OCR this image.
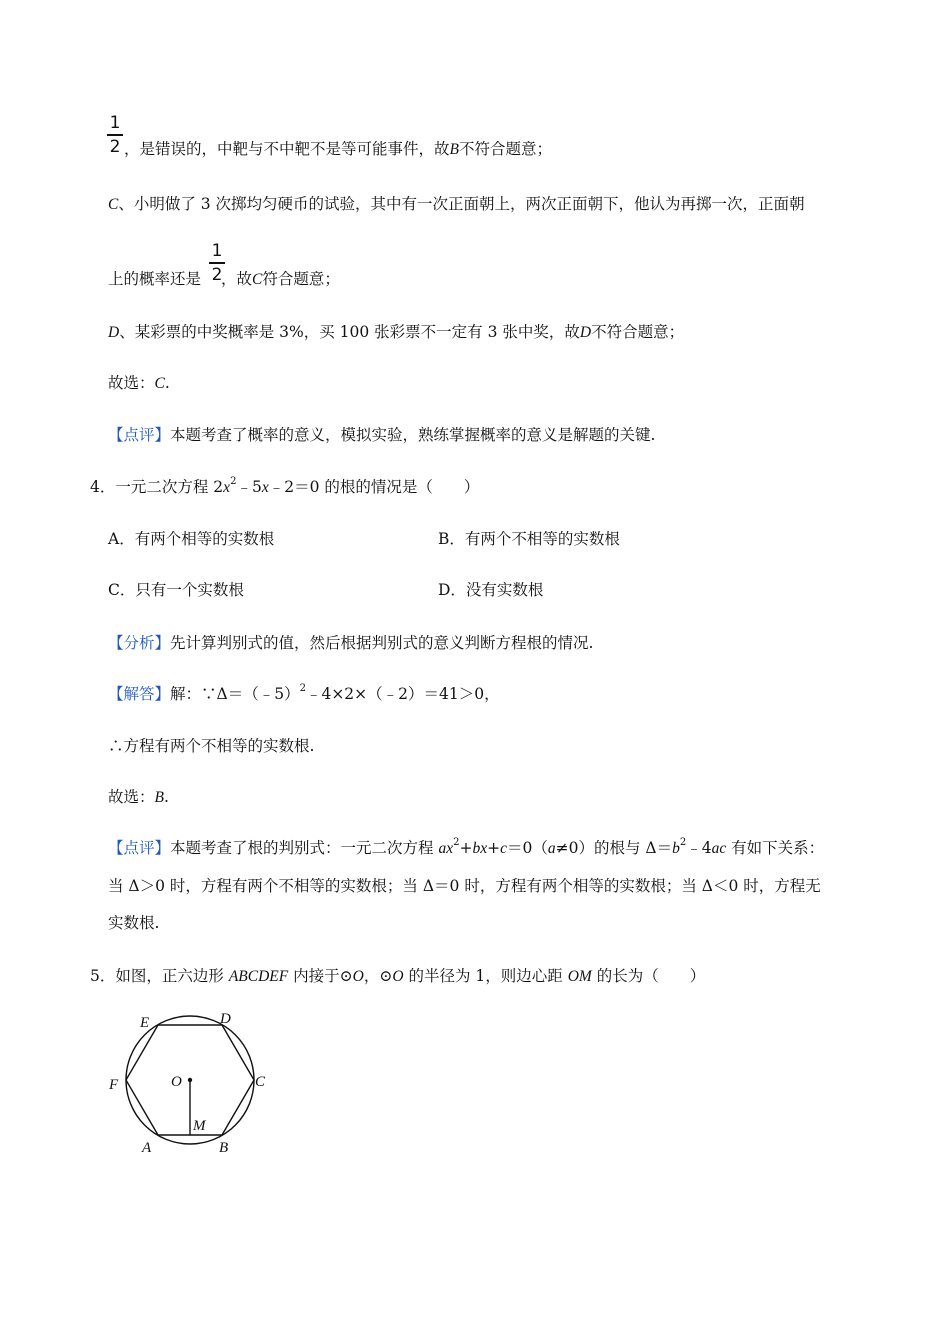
1
2 ，是错误的，中靶与不中靶不是等可能事件，故B不符合题意；
C、小明做了 3 次掷均匀硬币的试验，其中有一次正面朝上，两次正面朝下，他认为再掷一次，正面朝
1
2
上的概率还是 ，故C符合题意；
D、某彩票的中奖概率是 3%，买 100 张彩票不一定有 3 张中奖，故D不符合题意；
故选：C.
【点评】本题考查了概率的意义，模拟实验，熟练掌握概率的意义是解题的关键.
4．一元二次方程 $2x^2﹣5x﹣2=0$ 的根的情况是（　　）
A．有两个相等的实数根	B．有两个不相等的实数根
C．只有一个实数根	D．没有实数根
【分析】先计算判别式的值，然后根据判别式的意义判断方程根的情况.
【解答】解：∵Δ＝（﹣5）$^2$﹣4×2×（﹣2）＝41＞0，
∴方程有两个不相等的实数根.
故选：B.
【点评】本题考查了根的判别式：一元二次方程 $ax^2+bx+c=0(a\ne 0)$的根与 $\Delta=b^2﹣4ac$ 有如下关系：
当 Δ＞0 时，方程有两个不相等的实数根；当 Δ＝0 时，方程有两个相等的实数根；当 Δ＜0 时，方程无
实数根.
5．如图，正六边形 ABCDEF 内接于⊙O，⊙O 的半径为 1，则边心距 OM 的长为（　　）
A	B
C
D
E
F	O
M
